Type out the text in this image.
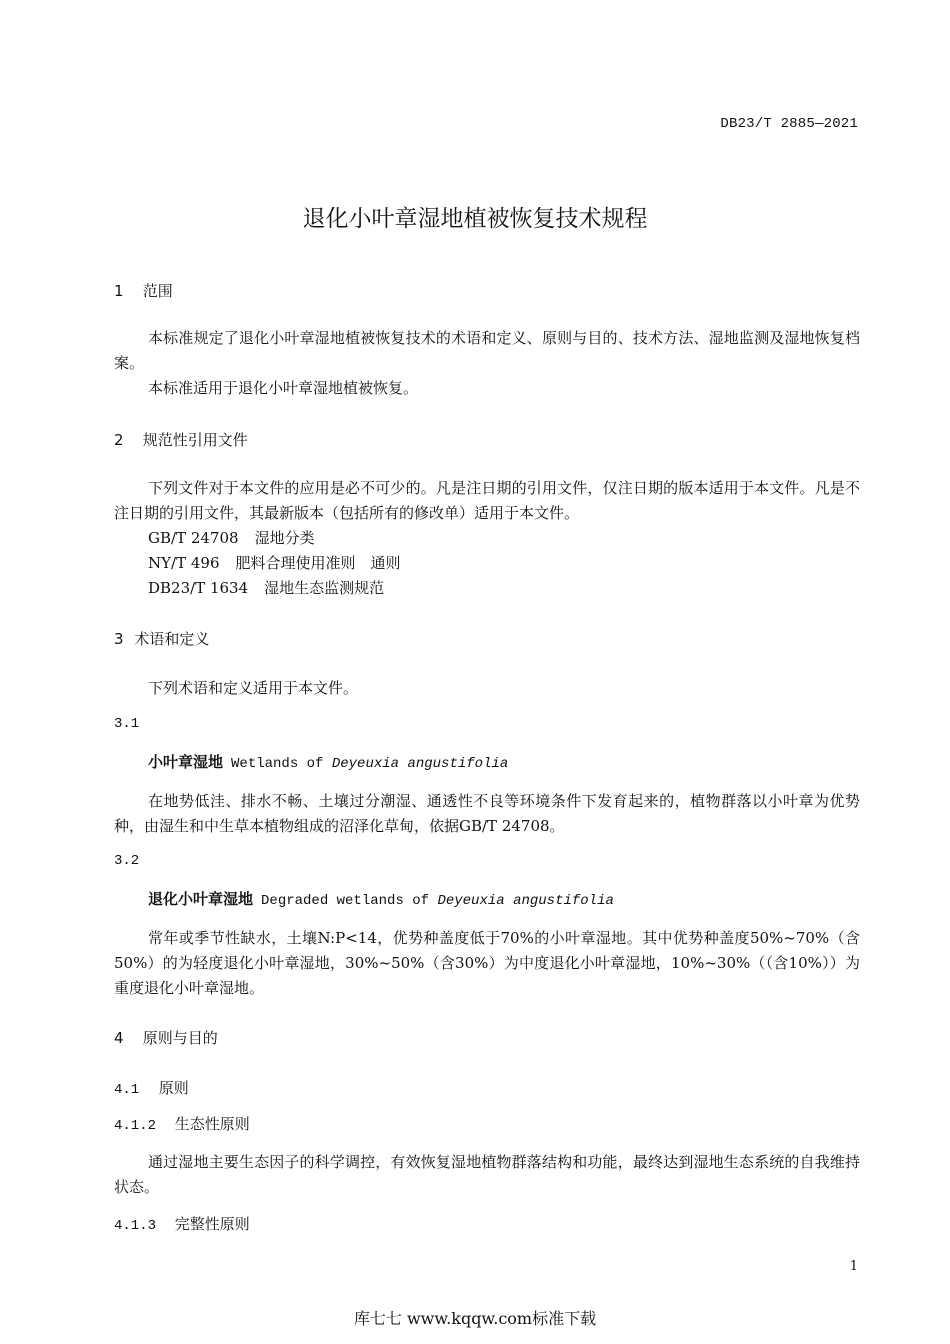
DB23/T 2885—2021
退化小叶章湿地植被恢复技术规程
1 范围
本标准规定了退化小叶章湿地植被恢复技术的术语和定义、原则与目的、技术方法、湿地监测及湿地恢复档案。
本标准适用于退化小叶章湿地植被恢复。
2 规范性引用文件
下列文件对于本文件的应用是必不可少的。凡是注日期的引用文件，仅注日期的版本适用于本文件。凡是不注日期的引用文件，其最新版本（包括所有的修改单）适用于本文件。
GB/T 24708 湿地分类
NY/T 496 肥料合理使用准则　通则
DB23/T 1634 湿地生态监测规范
3 术语和定义
下列术语和定义适用于本文件。
3.1
小叶章湿地 Wetlands of Deyeuxia angustifolia
在地势低洼、排水不畅、土壤过分潮湿、通透性不良等环境条件下发育起来的，植物群落以小叶章为优势种，由湿生和中生草本植物组成的沼泽化草甸，依据GB/T 24708。
3.2
退化小叶章湿地 Degraded wetlands of Deyeuxia angustifolia
常年或季节性缺水，土壤N:P<14，优势种盖度低于70%的小叶章湿地。其中优势种盖度50%~70%（含50%）的为轻度退化小叶章湿地，30%~50%（含30%）为中度退化小叶章湿地，10%~30%（（含10%））为重度退化小叶章湿地。
4 原则与目的
4.1 原则
4.1.2 生态性原则
通过湿地主要生态因子的科学调控，有效恢复湿地植物群落结构和功能，最终达到湿地生态系统的自我维持状态。
4.1.3 完整性原则
1
库七七 www.kqqw.com标准下载
